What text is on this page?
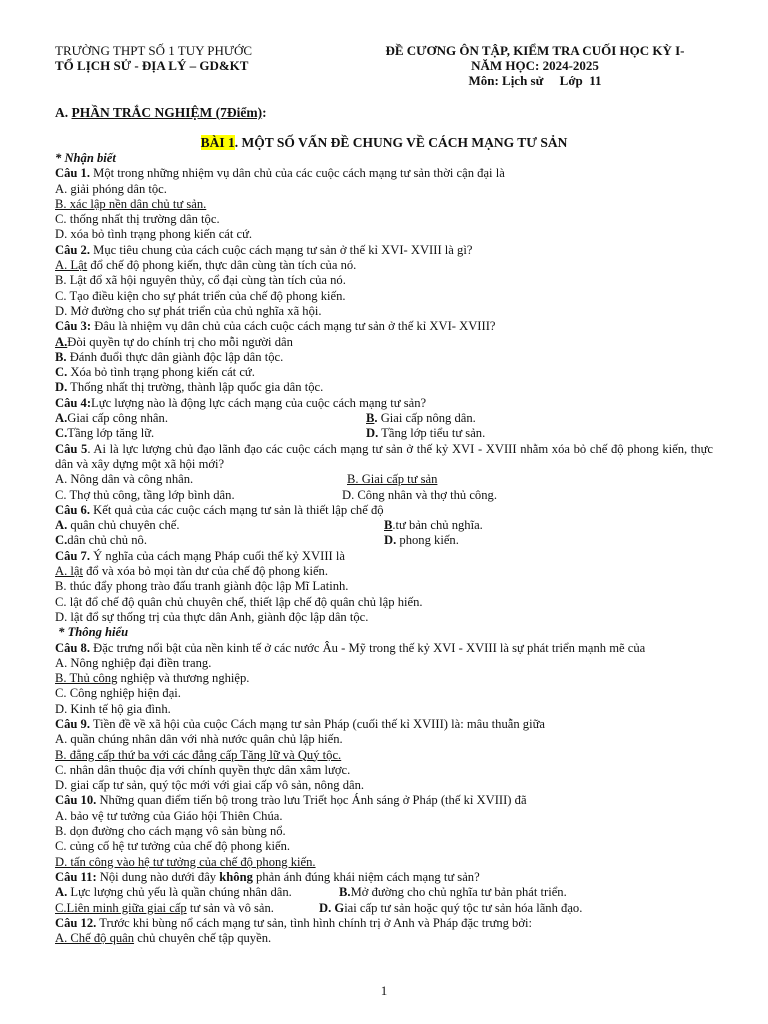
TRƯỜNG THPT SỐ 1 TUY PHƯỚC
TỔ LỊCH SỬ - ĐỊA LÝ – GD&KT
ĐỀ CƯƠNG ÔN TẬP, KIỂM TRA CUỐI HỌC KỲ I-
NĂM HỌC: 2024-2025
Môn: Lịch sử     Lớp  11
A. PHẦN TRẮC NGHIỆM (7Điểm):
BÀI 1. MỘT SỐ VẤN ĐỀ CHUNG VỀ CÁCH MẠNG TƯ SẢN
* Nhận biết
Câu 1. Một trong những nhiệm vụ dân chủ của các cuộc cách mạng tư sản thời cận đại là
A. giải phóng dân tộc.
B. xác lập nền dân chủ tư sản.
C. thống nhất thị trường dân tộc.
D. xóa bỏ tình trạng phong kiến cát cứ.
Câu 2. Mục tiêu chung của cách cuộc cách mạng tư sản ở thế kỉ XVI- XVIII là gì?
A. Lật đổ chế độ phong kiến, thực dân cùng tàn tích của nó.
B. Lật đổ xã hội nguyên thủy, cổ đại cùng tàn tích của nó.
C. Tạo điều kiện cho sự phát triển của chế độ phong kiến.
D. Mở đường cho sự phát triển của chủ nghĩa xã hội.
Câu 3: Đâu là nhiệm vụ dân chủ của cách cuộc cách mạng tư sản ở thế kỉ XVI- XVIII?
A.Đòi quyền tự do chính trị cho mỗi người dân
B. Đánh đuổi thực dân giành độc lập dân tộc.
C. Xóa bỏ tình trạng phong kiến cát cứ.
D. Thống nhất thị trường, thành lập quốc gia dân tộc.
Câu 4:Lực lượng nào là động lực cách mạng của cuộc cách mạng tư sản?
A.Giai cấp công nhân.	B. Giai cấp nông dân.
C.Tầng lớp tăng lữ.	D. Tầng lớp tiểu tư sản.
Câu 5. Ai là lực lượng chủ đạo lãnh đạo các cuộc cách mạng tư sản ở thế kỷ XVI - XVIII nhằm xóa bỏ chế độ phong kiến, thực dân và xây dựng một xã hội mới?
A. Nông dân và công nhân.	B. Giai cấp tư sản
C. Thợ thủ công, tầng lớp bình dân.	D. Công nhân và thợ thủ công.
Câu 6. Kết quả của các cuộc cách mạng tư sản là thiết lập chế độ
A. quân chủ chuyên chế.	B.tư bản chủ nghĩa.
C.dân chủ chủ nô.	D. phong kiến.
Câu 7. Ý nghĩa của cách mạng Pháp cuối thế kỷ XVIII là
A. lật đổ và xóa bỏ mọi tàn dư của chế độ phong kiến.
B. thúc đẩy phong trào đấu tranh giành độc lập Mĩ Latinh.
C. lật đổ chế độ quân chủ chuyên chế, thiết lập chế độ quân chủ lập hiến.
D. lật đổ sự thống trị của thực dân Anh, giành độc lập dân tộc.
* Thông hiểu
Câu 8. Đặc trưng nổi bật của nền kinh tế ở các nước Âu - Mỹ trong thế kỷ XVI - XVIII là sự phát triển mạnh mẽ của
A. Nông nghiệp đại điền trang.
B. Thủ công nghiệp và thương nghiệp.
C. Công nghiệp hiện đại.
D. Kinh tế hộ gia đình.
Câu 9. Tiền đề về xã hội của cuộc Cách mạng tư sản Pháp (cuối thế kỉ XVIII) là: mâu thuẫn giữa
A. quần chúng nhân dân với nhà nước quân chủ lập hiến.
B. đẳng cấp thứ ba với các đẳng cấp Tăng lữ và Quý tộc.
C. nhân dân thuộc địa với chính quyền thực dân xâm lược.
D. giai cấp tư sản, quý tộc mới với giai cấp vô sản, nông dân.
Câu 10. Những quan điểm tiến bộ trong trào lưu Triết học Ánh sáng ở Pháp (thế kỉ XVIII) đã
A. bảo vệ tư tưởng của Giáo hội Thiên Chúa.
B. dọn đường cho cách mạng vô sản bùng nổ.
C. củng cố hệ tư tưởng của chế độ phong kiến.
D. tấn công vào hệ tư tưởng của chế độ phong kiến.
Câu 11: Nội dung nào dưới đây không phản ánh đúng khái niệm cách mạng tư sản?
A. Lực lượng chủ yếu là quần chúng nhân dân.	B.Mở đường cho chủ nghĩa tư bản phát triển.
C.Liên minh giữa giai cấp tư sản và vô sản.	D. Giai cấp tư sản hoặc quý tộc tư sản hóa lãnh đạo.
Câu 12. Trước khi bùng nổ cách mạng tư sản, tình hình chính trị ở Anh và Pháp đặc trưng bởi:
A. Chế độ quân chủ chuyên chế tập quyền.
1
